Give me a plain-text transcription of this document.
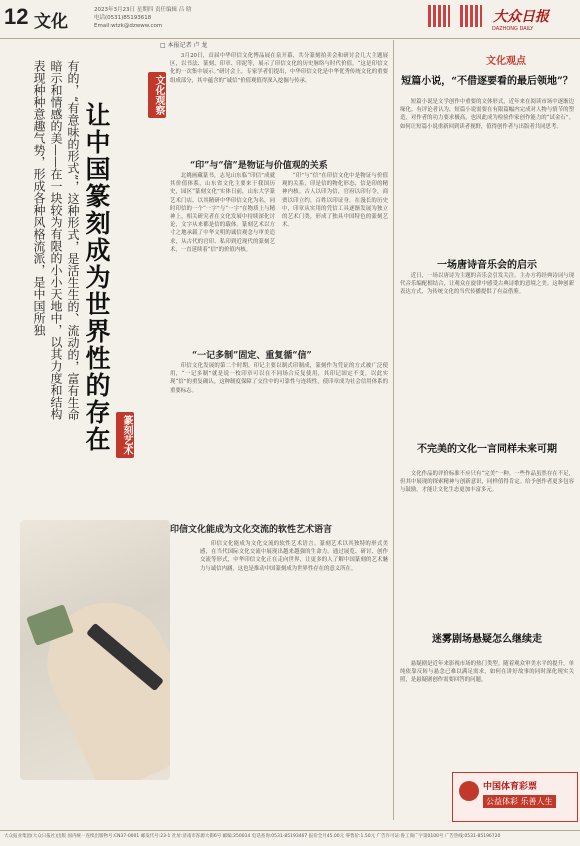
12 文化
2023年3月23日 星期四 责任编辑 吕 晗
电话(0531)85193618
Email:wtzk@dzwww.com
大众日报
DAZHONG DAILY
□ 本报记者 卢 龙
有的，“有意味的形式”，这种形式，是活生生的、流动的，富有生命暗示和情感的美——在一块较为有限的小小天地中，以其力度和结构表现种种意趣气势，形成各种风格流派，是中国所独	文化观察
让中国篆刻成为世界性的存在	篆刻艺术

3月20日，首届中华印信文化博品展在泉开幕，共分篆刻拍卖会和研讨会几大主题展区，以书法、篆刻、印章、印泥等，展示了印信文化的历史脉络与时代价值。“这是印信文化的一次集中展示。”研讨会上，专家学者们提出，中华印信文化是中华优秀传统文化的重要组成部分，其中蕴含的“诚信”价值观值得深入挖掘与传承。

“印”与“信”是物证与价值观的关系

北姚画藏篆书，志见山东临“印信”成就其价值体系，山东省文化主要来于我国历史，园区“篆刻文化”实体日前，山东大学篆艺术门店，以其精研中华印信文化为名，同时印信的一个“一字”与“一字”在物质上与精神上，相关研究者在文化发展中持续深化讨论，文字从来都是信的载体。篆刻艺术以方寸之地承载了中华文明的诚信观念与审美追求，从古代的官印、私印到近现代的篆刻艺术，一直延续着“信”的价值内核。

“印”与“信”在印信文化中是物证与价值观的关系，印是信的物化形态，信是印的精神内核。古人以印为信，官府以印行令，商贾以印立约，百姓以印证身。在漫长的历史中，印章从实用的凭信工具逐渐发展为独立的艺术门类，形成了独具中国特色的篆刻艺术。

“一记多制”固定、重复循“信”

印信文化发展的第二个时期，印记主要以制式印制成，篆刻作为凭证的方式被广泛使用，“一记多制”就是说一枚印章可以在不同场合反复使用，其印记固定不变，以此实现“信”的重复确认。这种制度保障了交往中的可靠性与连续性，使印章成为社会信用体系的重要标志。

印信文化能成为文化交流的软性艺术语言

印信文化能成为文化交流的软性艺术语言。篆刻艺术以其独特的形式美感，在当代国际文化交流中展现出越来越强的生命力。通过展览、研讨、创作交流等形式，中华印信文化正在走向世界，让更多的人了解中国篆刻的艺术魅力与诚信内涵，这也是推动中国篆刻成为世界性存在的意义所在。

文化观点
短篇小说，“不借逐要看的最后领地”？

短篇小说是文学创作中重要的文体形式，近年来在阅读市场中逐渐边缘化。有评论者认为，短篇小说需要在有限篇幅内完成对人物与情节的塑造，对作者的功力要求极高，也因此成为检验作家创作能力的“试金石”。如何让短篇小说重新回到读者视野，值得创作者与出版者共同思考。

一场唐诗音乐会的启示

近日，一场以唐诗为主题的音乐会引发关注。主办方将经典诗词与现代音乐编配相结合，让观众在旋律中感受古典诗歌的意境之美。这种创新表达方式，为传统文化的当代传播提供了有益借鉴。

不完美的文化一言同样未来可期

文化作品的评价标准不应只有“完美”一种。一些作品虽然存在不足，但其中展现的探索精神与创新意识，同样值得肯定。给予创作者更多包容与鼓励，才能让文化生态更加丰富多元。

迷雾剧场悬疑怎么继续走

悬疑剧是近年来影视市场的热门类型。随着观众审美水平的提升，单纯依靠反转与悬念已难以满足需求，如何在讲好故事的同时深化现实关照，是悬疑剧创作需要回答的问题。

中国体育彩票
公益体彩 乐善人生
大众报业集团(大众日报社)出版 国内统一连续出版物号:CN37-0001 邮发代号:23-1 社址:济南市泺源大街6号 邮编:250014 电话查询:0531-85193467 报价全月45.00元 零售价:1.50元 广告许可证:鲁工商广字第0100号 广告热线:0531-85196720
